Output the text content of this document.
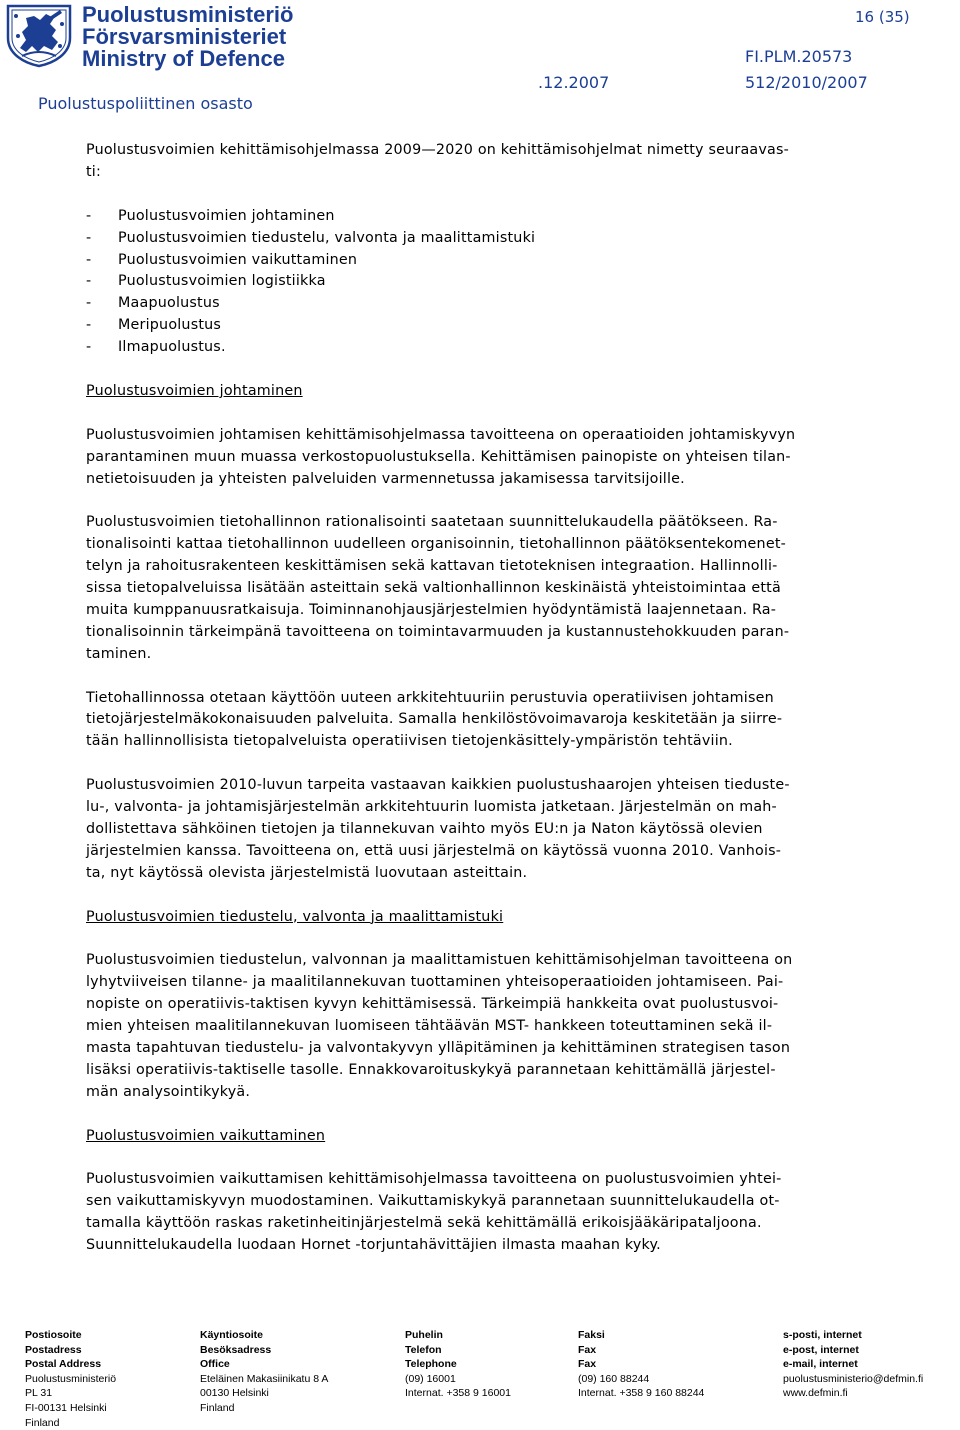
Puolustusministeriö
Försvarsministeriet
Ministry of Defence
16 (35)
FI.PLM.20573
.12.2007	512/2010/2007
Puolustuspoliittinen osasto

Puolustusvoimien kehittämisohjelmassa 2009—2020 on kehittämisohjelmat nimetty seuraavas-

ti:

-	Puolustusvoimien johtaminen
-	Puolustusvoimien tiedustelu, valvonta ja maalittamistuki
-	Puolustusvoimien vaikuttaminen
-	Puolustusvoimien logistiikka
-	Maapuolustus
-	Meripuolustus
-	Ilmapuolustus.

Puolustusvoimien johtaminen

Puolustusvoimien johtamisen kehittämisohjelmassa tavoitteena on operaatioiden johtamiskyvyn

parantaminen muun muassa verkostopuolustuksella. Kehittämisen painopiste on yhteisen tilan-

netietoisuuden ja yhteisten palveluiden varmennetussa jakamisessa tarvitsijoille.

Puolustusvoimien tietohallinnon rationalisointi saatetaan suunnittelukaudella päätökseen. Ra-

tionalisointi kattaa tietohallinnon uudelleen organisoinnin, tietohallinnon päätöksentekomenet-

telyn ja rahoitusrakenteen keskittämisen sekä kattavan tietoteknisen integraation. Hallinnolli-

sissa tietopalveluissa lisätään asteittain sekä valtionhallinnon keskinäistä yhteistoimintaa että

muita kumppanuusratkaisuja. Toiminnanohjausjärjestelmien hyödyntämistä laajennetaan. Ra-

tionalisoinnin tärkeimpänä tavoitteena on toimintavarmuuden ja kustannustehokkuuden paran-

taminen.

Tietohallinnossa otetaan käyttöön uuteen arkkitehtuuriin perustuvia operatiivisen johtamisen

tietojärjestelmäkokonaisuuden palveluita. Samalla henkilöstövoimavaroja keskitetään ja siirre-

tään hallinnollisista tietopalveluista operatiivisen tietojenkäsittely-ympäristön tehtäviin.

Puolustusvoimien 2010-luvun tarpeita vastaavan kaikkien puolustushaarojen yhteisen tieduste-

lu-, valvonta- ja johtamisjärjestelmän arkkitehtuurin luomista jatketaan. Järjestelmän on mah-

dollistettava sähköinen tietojen ja tilannekuvan vaihto myös EU:n ja Naton käytössä olevien

järjestelmien kanssa. Tavoitteena on, että uusi järjestelmä on käytössä vuonna 2010. Vanhois-

ta, nyt käytössä olevista järjestelmistä luovutaan asteittain.

Puolustusvoimien tiedustelu, valvonta ja maalittamistuki

Puolustusvoimien tiedustelun, valvonnan ja maalittamistuen kehittämisohjelman tavoitteena on

lyhytviiveisen tilanne- ja maalitilannekuvan tuottaminen yhteisoperaatioiden johtamiseen. Pai-

nopiste on operatiivis-taktisen kyvyn kehittämisessä. Tärkeimpiä hankkeita ovat puolustusvoi-

mien yhteisen maalitilannekuvan luomiseen tähtäävän MST- hankkeen toteuttaminen sekä il-

masta tapahtuvan tiedustelu- ja valvontakyvyn ylläpitäminen ja kehittäminen strategisen tason

lisäksi operatiivis-taktiselle tasolle. Ennakkovaroituskykyä parannetaan kehittämällä järjestel-

män analysointikykyä.

Puolustusvoimien vaikuttaminen

Puolustusvoimien vaikuttamisen kehittämisohjelmassa tavoitteena on puolustusvoimien yhtei-

sen vaikuttamiskyvyn muodostaminen. Vaikuttamiskykyä parannetaan suunnittelukaudella ot-

tamalla käyttöön raskas raketinheitinjärjestelmä sekä kehittämällä erikoisjääkäripataljoona.

Suunnittelukaudella luodaan Hornet -torjuntahävittäjien ilmasta maahan kyky.

Postiosoite
Postadress
Postal Address
Puolustusministeriö
PL 31
FI-00131 Helsinki
Finland
Käyntiosoite
Besöksadress
Office
Eteläinen Makasiinikatu 8 A
00130 Helsinki
Finland
Puhelin
Telefon
Telephone
(09) 16001
Internat. +358 9 16001
Faksi
Fax
Fax
(09) 160 88244
Internat. +358 9 160 88244
s-posti, internet
e-post, internet
e-mail, internet
puolustusministerio@defmin.fi
www.defmin.fi
